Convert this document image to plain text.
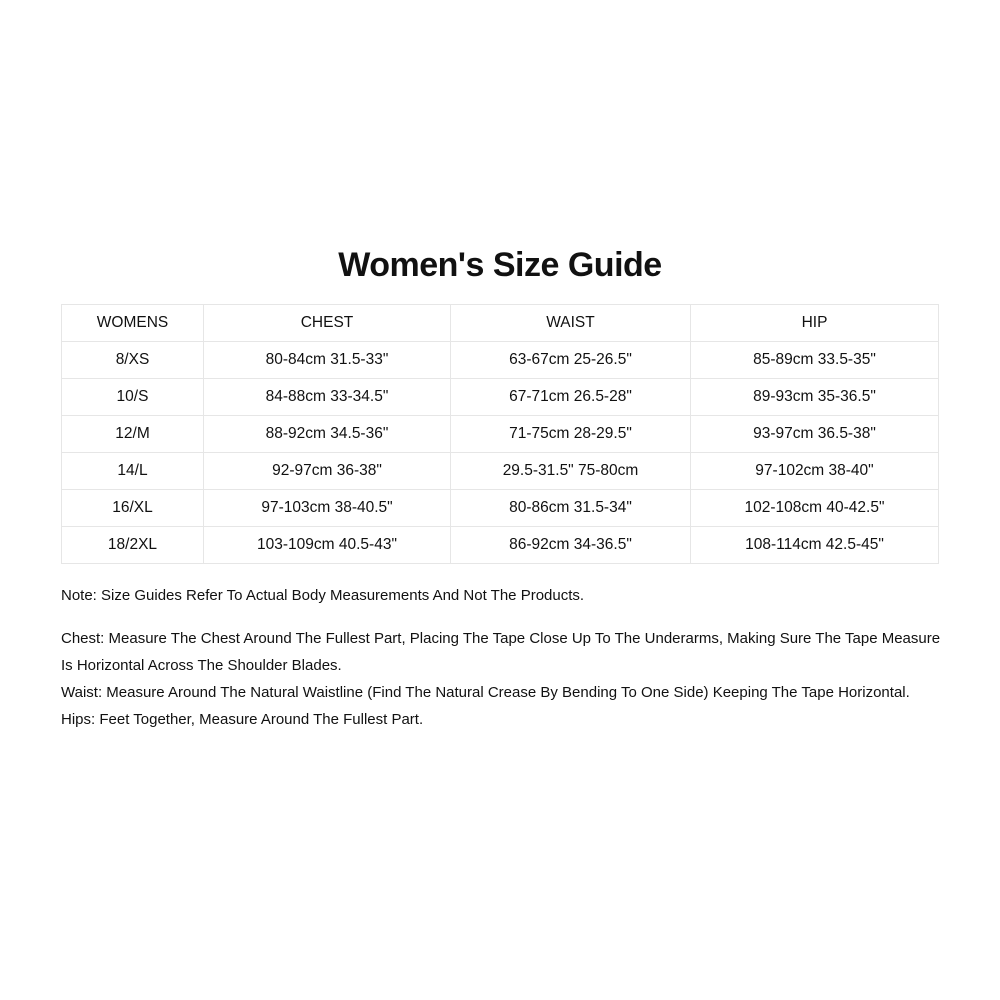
Women's Size Guide
WOMENS	CHEST	WAIST	HIP
8/XS	80-84cm 31.5-33"	63-67cm 25-26.5"	85-89cm 33.5-35"
10/S	84-88cm 33-34.5"	67-71cm 26.5-28"	89-93cm 35-36.5"
12/M	88-92cm 34.5-36"	71-75cm 28-29.5"	93-97cm 36.5-38"
14/L	92-97cm 36-38"	29.5-31.5" 75-80cm	97-102cm 38-40"
16/XL	97-103cm 38-40.5"	80-86cm 31.5-34"	102-108cm 40-42.5"
18/2XL	103-109cm 40.5-43"	86-92cm 34-36.5"	108-114cm 42.5-45"

Note: Size Guides Refer To Actual Body Measurements And Not The Products.

Chest: Measure The Chest Around The Fullest Part, Placing The Tape Close Up To The Underarms, Making Sure The Tape Measure Is Horizontal Across The Shoulder Blades.

Waist: Measure Around The Natural Waistline (Find The Natural Crease By Bending To One Side) Keeping The Tape Horizontal.

Hips: Feet Together, Measure Around The Fullest Part.
